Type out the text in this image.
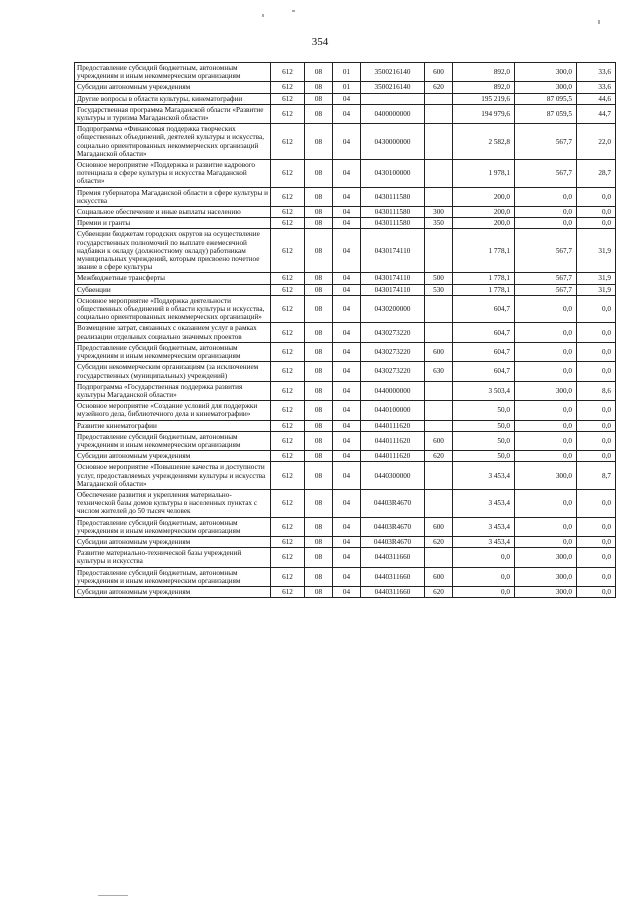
354
Предоставление субсидий бюджетным, автономным учреждениям и иным некоммерческим организациям	612	08	01	3500216140	600	892,0	300,0	33,6
Субсидии автономным учреждениям	612	08	01	3500216140	620	892,0	300,0	33,6
Другие вопросы в области культуры, кинематографии	612	08	04			195 219,6	87 095,5	44,6
Государственная программа Магаданской области «Развитие культуры и туризма Магаданской области»	612	08	04	0400000000		194 979,6	87 059,5	44,7
Подпрограмма «Финансовая поддержка творческих общественных объединений, деятелей культуры и искусства, социально ориентированных некоммерческих организаций Магаданской области»	612	08	04	0430000000		2 582,8	567,7	22,0
Основное мероприятие «Поддержка и развитие кадрового потенциала в сфере культуры и искусства Магаданской области»	612	08	04	0430100000		1 978,1	567,7	28,7
Премия губернатора Магаданской области в сфере культуры и искусства	612	08	04	0430111580		200,0	0,0	0,0
Социальное обеспечение и иные выплаты населению	612	08	04	0430111580	300	200,0	0,0	0,0
Премии и гранты	612	08	04	0430111580	350	200,0	0,0	0,0
Субвенции бюджетам городских округов на осуществление государственных полномочий по выплате ежемесячной надбавки к окладу (должностному окладу) работникам муниципальных учреждений, которым присвоено почетное звание в сфере культуры	612	08	04	0430174110		1 778,1	567,7	31,9
Межбюджетные трансферты	612	08	04	0430174110	500	1 778,1	567,7	31,9
Субвенции	612	08	04	0430174110	530	1 778,1	567,7	31,9
Основное мероприятие «Поддержка деятельности общественных объединений в области культуры и искусства, социально ориентированных некоммерческих организаций»	612	08	04	0430200000		604,7	0,0	0,0
Возмещение затрат, связанных с оказанием услуг в рамках реализации отдельных социально значимых проектов	612	08	04	0430273220		604,7	0,0	0,0
Предоставление субсидий бюджетным, автономным учреждениям и иным некоммерческим организациям	612	08	04	0430273220	600	604,7	0,0	0,0
Субсидии некоммерческим организациям (за исключением государственных (муниципальных) учреждений)	612	08	04	0430273220	630	604,7	0,0	0,0
Подпрограмма «Государственная поддержка развития культуры Магаданской области»	612	08	04	0440000000		3 503,4	300,0	8,6
Основное мероприятие «Создание условий для поддержки музейного дела, библиотечного дела и кинематографии»	612	08	04	0440100000		50,0	0,0	0,0
Развитие кинематографии	612	08	04	0440111620		50,0	0,0	0,0
Предоставление субсидий бюджетным, автономным учреждениям и иным некоммерческим организациям	612	08	04	0440111620	600	50,0	0,0	0,0
Субсидии автономным учреждениям	612	08	04	0440111620	620	50,0	0,0	0,0
Основное мероприятие «Повышение качества и доступности услуг, предоставляемых учреждениями культуры и искусства Магаданской области»	612	08	04	0440300000		3 453,4	300,0	8,7
Обеспечение развития и укрепления материально-технической базы домов культуры в населенных пунктах с числом жителей до 50 тысяч человек	612	08	04	04403R4670		3 453,4	0,0	0,0
Предоставление субсидий бюджетным, автономным учреждениям и иным некоммерческим организациям	612	08	04	04403R4670	600	3 453,4	0,0	0,0
Субсидии автономным учреждениям	612	08	04	04403R4670	620	3 453,4	0,0	0,0
Развитие материально-технической базы учреждений культуры и искусства	612	08	04	0440311660		0,0	300,0	0,0
Предоставление субсидий бюджетным, автономным учреждениям и иным некоммерческим организациям	612	08	04	0440311660	600	0,0	300,0	0,0
Субсидии автономным учреждениям	612	08	04	0440311660	620	0,0	300,0	0,0
